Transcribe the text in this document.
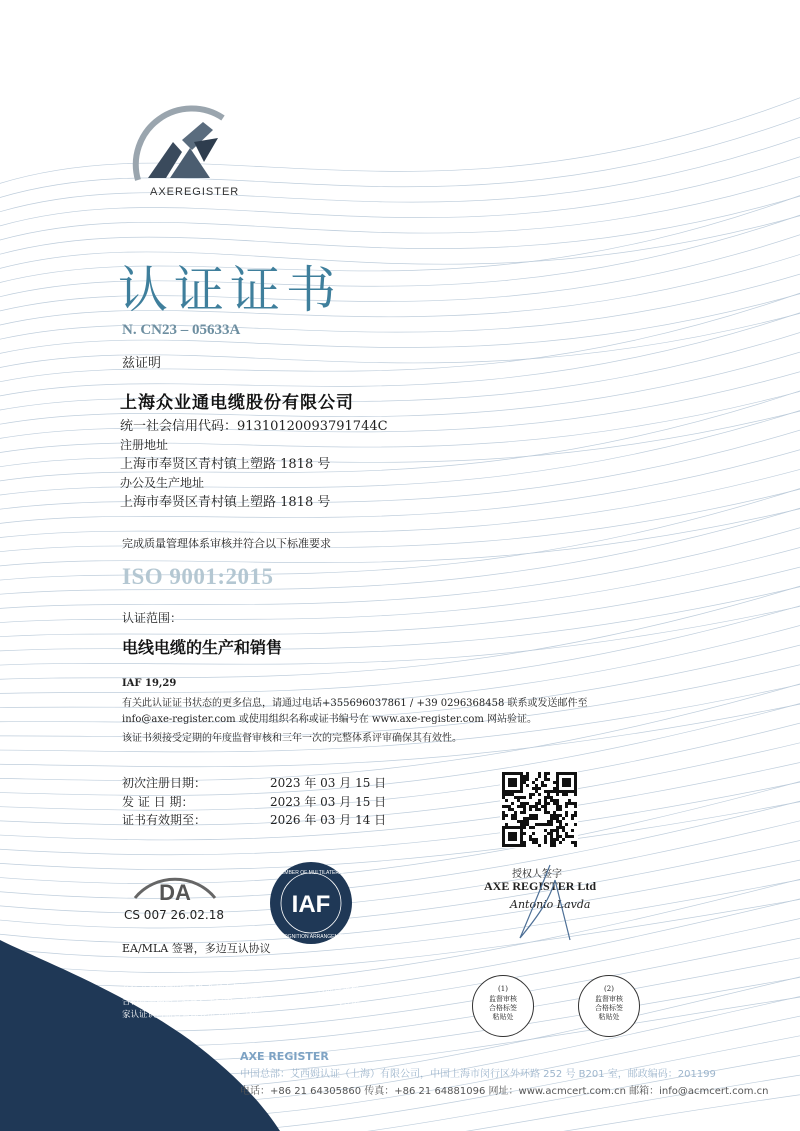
AXEREGISTER
认证证书
N. CN23 – 05633A
兹证明
上海众业通电缆股份有限公司
统一社会信用代码：91310120093791744C
注册地址
上海市奉贤区青村镇上塑路 1818 号
办公及生产地址
上海市奉贤区青村镇上塑路 1818 号
完成质量管理体系审核并符合以下标准要求
ISO 9001:2015
认证范围：
电线电缆的生产和销售
IAF 19,29
有关此认证证书状态的更多信息，请通过电话+355696037861 / +39 0296368458 联系或发送邮件至
info@axe-register.com 或使用组织名称或证书编号在 www.axe-register.com 网站验证。
该证书须接受定期的年度监督审核和三年一次的完整体系评审确保其有效性。
初次注册日期：	2023 年 03 月 15 日
发 证 日 期：	2023 年 03 月 15 日
证书有效期至：	2026 年 03 月 14 日
授权人签字
AXE REGISTER Ltd
Antonio Lavda
DA
CS 007 26.02.18	IAF
MEMBER OF MULTILATERAL
RECOGNITION ARRANGEMENT
EA/MLA 签署，多边互认协议
在证书有效期内每 12 个月内须接受一次监督审核并将监督审核
合格标签粘贴于有贫指定位置。此证书方为有效。本证书可在国
家认证认可监督管理委员会网站（www.cnca.gov.cn）查询。
(1)
监督审核
合格标签
粘贴处
(2)
监督审核
合格标签
粘贴处
AXE REGISTER
中国总部：艾西姆认证（上海）有限公司，中国上海市闵行区外环路 252 号 B201 室，邮政编码：201199
电话：+86 21 64305860 传真：+86 21 64881096 网址：www.acmcert.com.cn 邮箱：info@acmcert.com.cn
